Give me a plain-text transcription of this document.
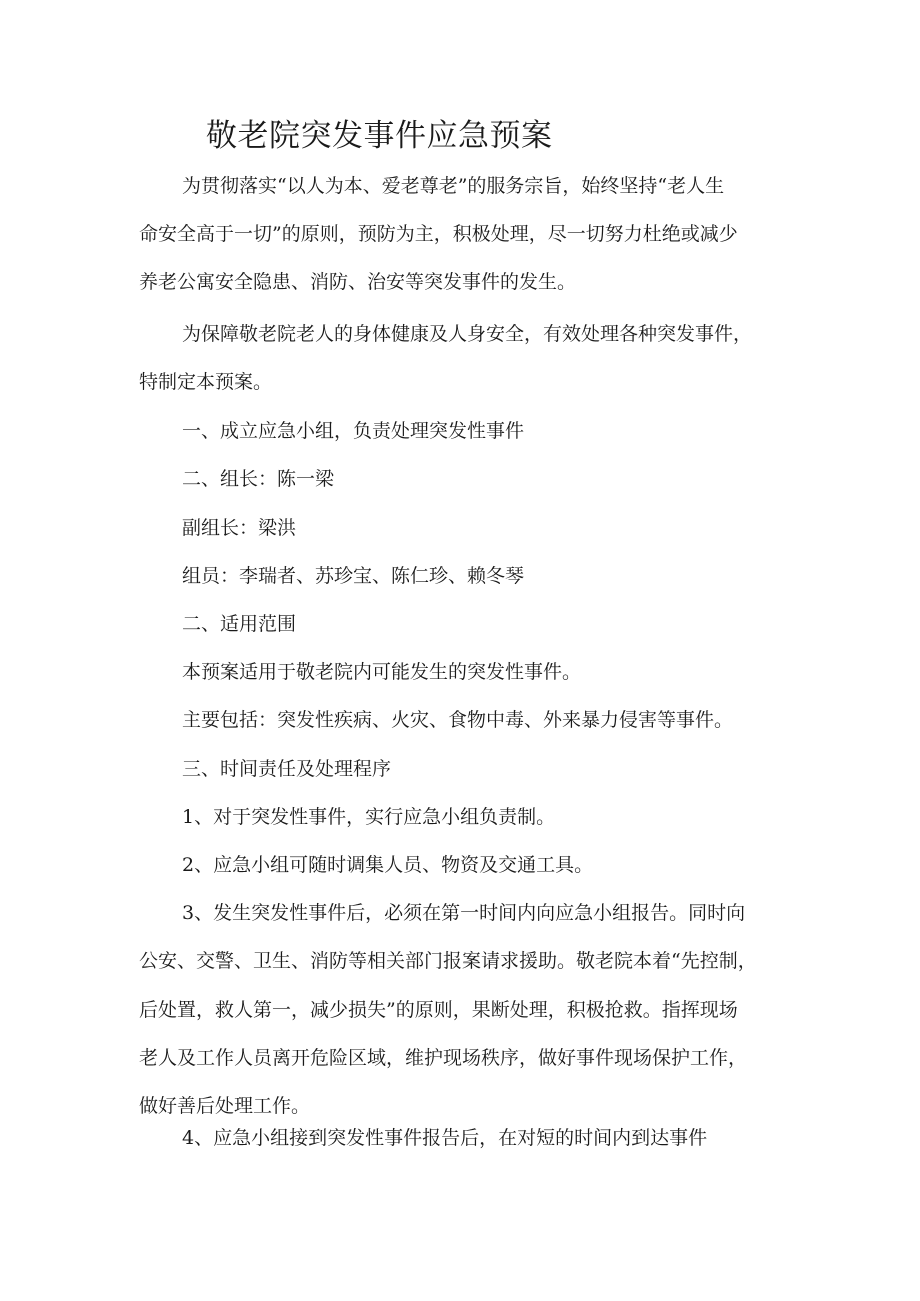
敬老院突发事件应急预案
为贯彻落实“以人为本、爱老尊老”的服务宗旨，始终坚持“老人生
命安全高于一切”的原则，预防为主，积极处理，尽一切努力杜绝或减少
养老公寓安全隐患、消防、治安等突发事件的发生。
为保障敬老院老人的身体健康及人身安全，有效处理各种突发事件，
特制定本预案。
一、成立应急小组，负责处理突发性事件
二、组长：陈一梁
副组长：梁洪
组员：李瑞者、苏珍宝、陈仁珍、赖冬琴
二、适用范围
本预案适用于敬老院内可能发生的突发性事件。
主要包括：突发性疾病、火灾、食物中毒、外来暴力侵害等事件。
三、时间责任及处理程序
1、对于突发性事件，实行应急小组负责制。
2、应急小组可随时调集人员、物资及交通工具。
3、发生突发性事件后，必须在第一时间内向应急小组报告。同时向
公安、交警、卫生、消防等相关部门报案请求援助。敬老院本着“先控制，
后处置，救人第一，减少损失”的原则，果断处理，积极抢救。指挥现场
老人及工作人员离开危险区域，维护现场秩序，做好事件现场保护工作，
做好善后处理工作。
4、应急小组接到突发性事件报告后，在对短的时间内到达事件
